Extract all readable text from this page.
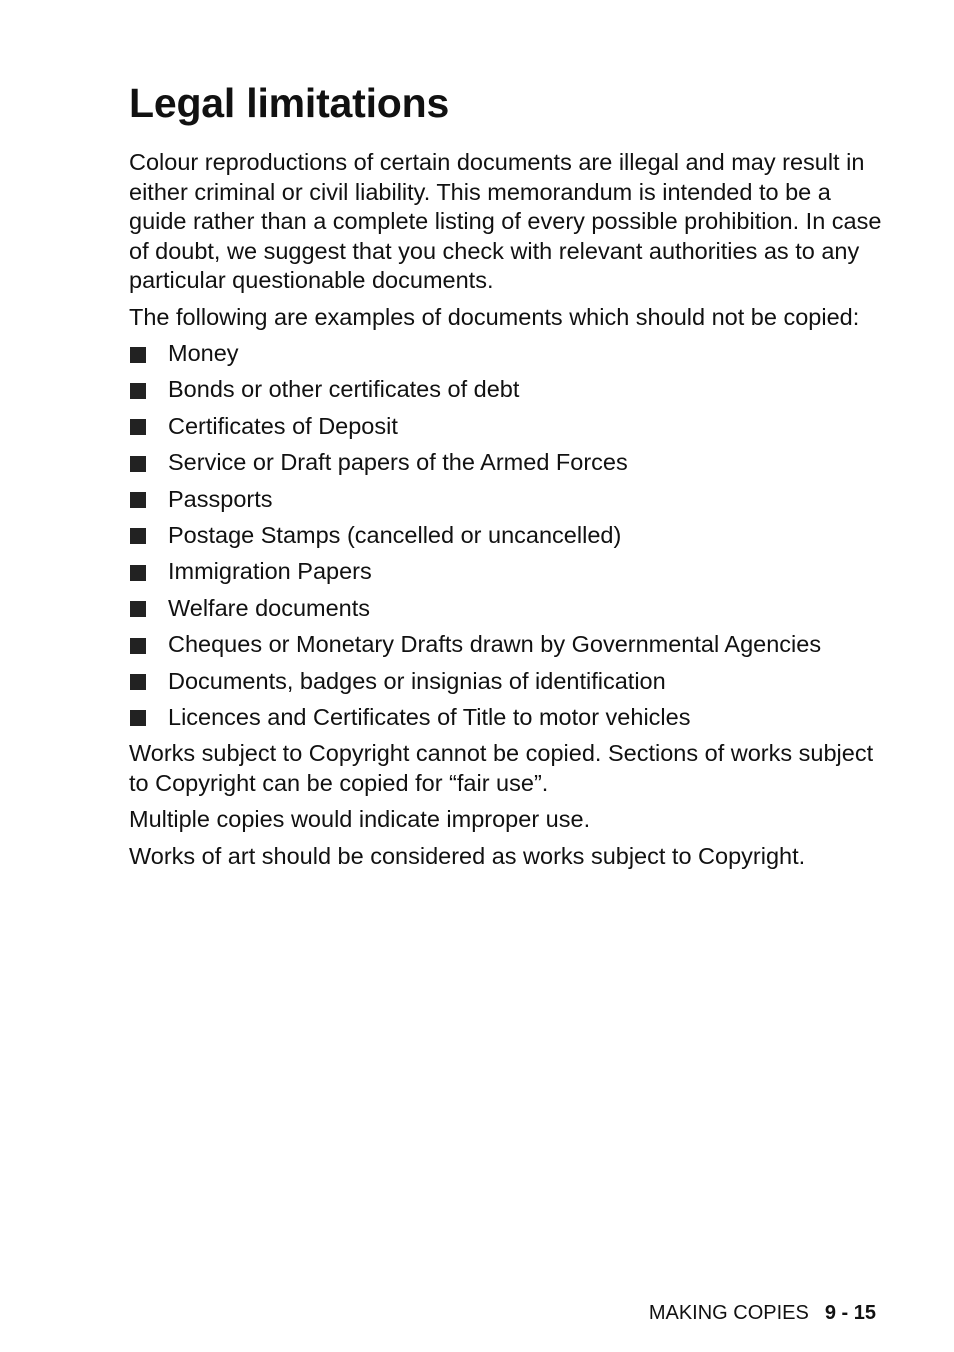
Legal limitations

Colour reproductions of certain documents are illegal and may result in either criminal or civil liability. This memorandum is intended to be a guide rather than a complete listing of every possible prohibition. In case of doubt, we suggest that you check with relevant authorities as to any particular questionable documents.

The following are examples of documents which should not be copied:

Money
Bonds or other certificates of debt
Certificates of Deposit
Service or Draft papers of the Armed Forces
Passports
Postage Stamps (cancelled or uncancelled)
Immigration Papers
Welfare documents
Cheques or Monetary Drafts drawn by Governmental Agencies
Documents, badges or insignias of identification
Licences and Certificates of Title to motor vehicles

Works subject to Copyright cannot be copied. Sections of works subject to Copyright can be copied for “fair use”.

Multiple copies would indicate improper use.

Works of art should be considered as works subject to Copyright.

MAKING COPIES 9 - 15
